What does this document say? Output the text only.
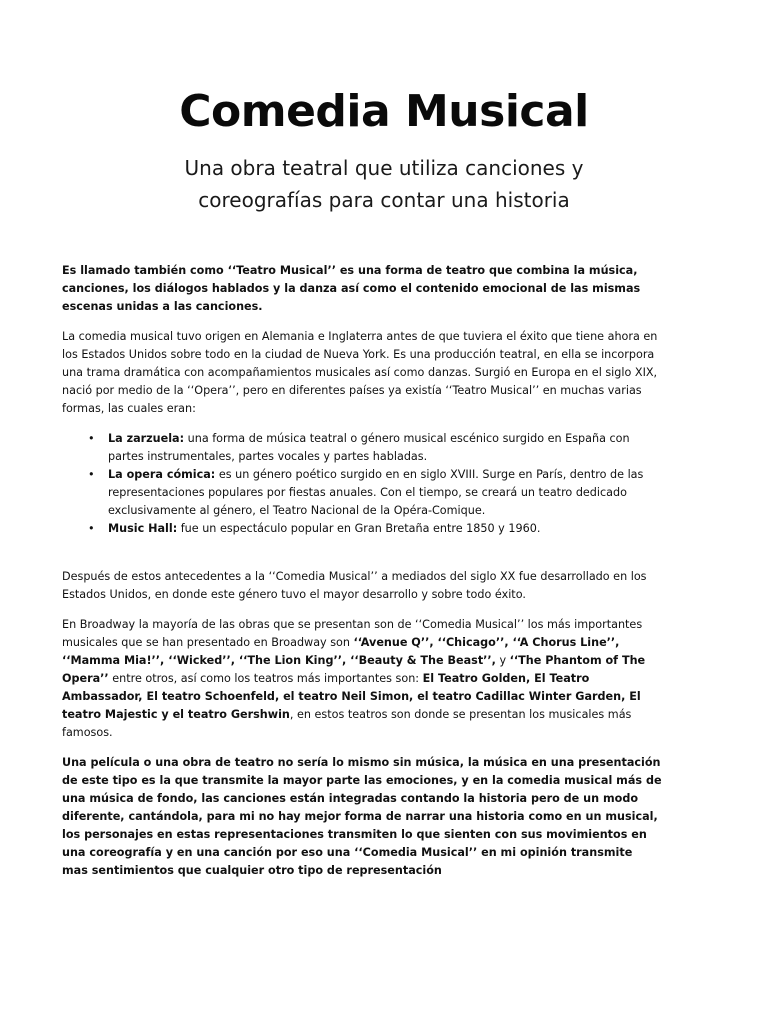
Comedia Musical

Una obra teatral que utiliza canciones y coreografías para contar una historia

Es llamado también como ‘‘Teatro Musical’’ es una forma de teatro que combina la música, canciones, los diálogos hablados y la danza así como el contenido emocional de las mismas escenas unidas a las canciones.

La comedia musical tuvo origen en Alemania e Inglaterra antes de que tuviera el éxito que tiene ahora en los Estados Unidos sobre todo en la ciudad de Nueva York. Es una producción teatral, en ella se incorpora una trama dramática con acompañamientos musicales así como danzas. Surgió en Europa en el siglo XIX, nació por medio de la ‘‘Opera’’, pero en diferentes países ya existía ‘‘Teatro Musical’’ en muchas varias formas, las cuales eran:

• La zarzuela: una forma de música teatral o género musical escénico surgido en España con partes instrumentales, partes vocales y partes habladas.
• La opera cómica: es un género poético surgido en en siglo XVIII. Surge en París, dentro de las representaciones populares por fiestas anuales. Con el tiempo, se creará un teatro dedicado exclusivamente al género, el Teatro Nacional de la Opéra-Comique.
• Music Hall: fue un espectáculo popular en Gran Bretaña entre 1850 y 1960.

Después de estos antecedentes a la ‘‘Comedia Musical’’ a mediados del siglo XX fue desarrollado en los Estados Unidos, en donde este género tuvo el mayor desarrollo y sobre todo éxito.

En Broadway la mayoría de las obras que se presentan son de ‘‘Comedia Musical’’ los más importantes musicales que se han presentado en Broadway son ‘‘Avenue Q’’, ‘‘Chicago’’, ‘‘A Chorus Line’’, ‘‘Mamma Mia!’’, ‘‘Wicked’’, ‘‘The Lion King’’, ‘‘Beauty & The Beast’’, y ‘‘The Phantom of The Opera’’ entre otros, así como los teatros más importantes son: El Teatro Golden, El Teatro Ambassador, El teatro Schoenfeld, el teatro Neil Simon, el teatro Cadillac Winter Garden, El teatro Majestic y el teatro Gershwin, en estos teatros son donde se presentan los musicales más famosos.

Una película o una obra de teatro no sería lo mismo sin música, la música en una presentación de este tipo es la que transmite la mayor parte las emociones, y en la comedia musical más de una música de fondo, las canciones están integradas contando la historia pero de un modo diferente, cantándola, para mi no hay mejor forma de narrar una historia como en un musical, los personajes en estas representaciones transmiten lo que sienten con sus movimientos en una coreografía y en una canción por eso una ‘‘Comedia Musical’’ en mi opinión transmite mas sentimientos que cualquier otro tipo de representación
